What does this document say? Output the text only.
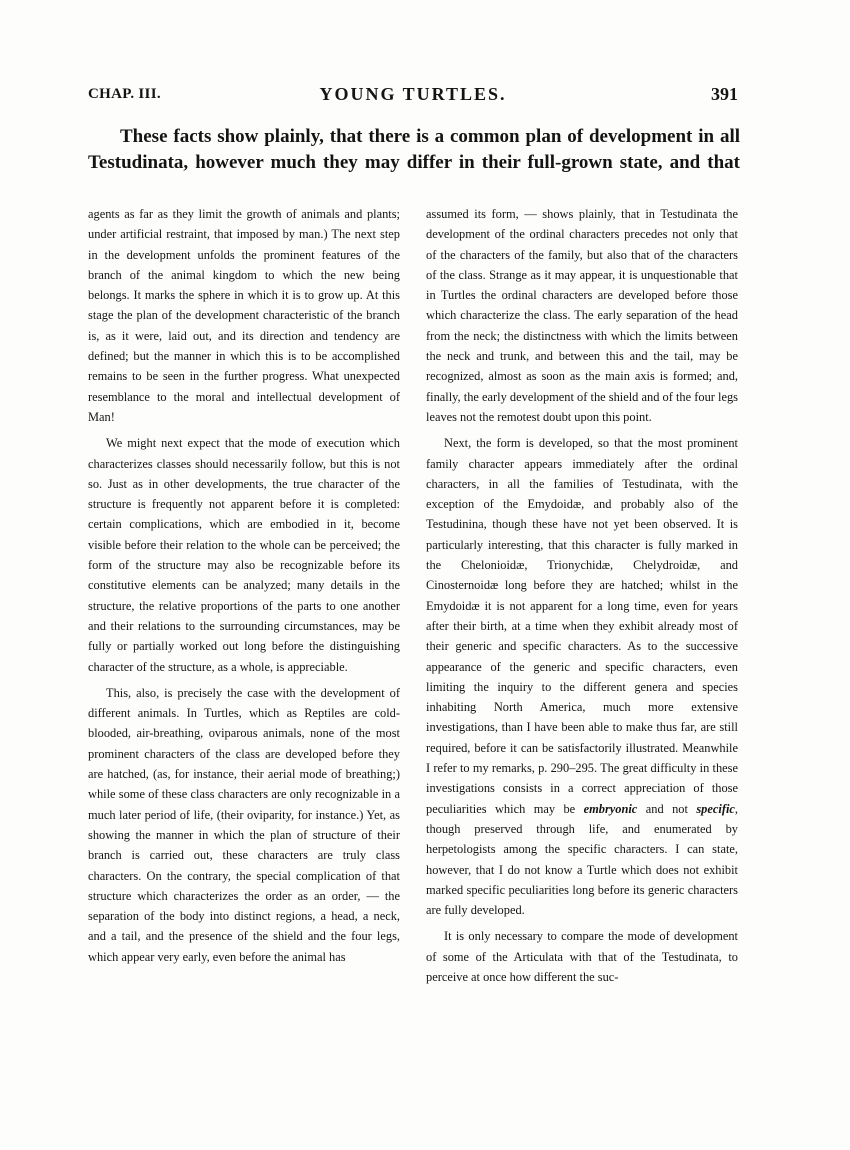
CHAP. III.	YOUNG TURTLES.	391

These facts show plainly, that there is a common plan of development in all Testudinata, however much they may differ in their full-grown state, and that

agents as far as they limit the growth of animals and plants; under artificial restraint, that imposed by man.) The next step in the development unfolds the prominent features of the branch of the animal kingdom to which the new being belongs. It marks the sphere in which it is to grow up. At this stage the plan of the development characteristic of the branch is, as it were, laid out, and its direction and tendency are defined; but the manner in which this is to be accomplished remains to be seen in the further progress. What unexpected resemblance to the moral and intellectual development of Man!

We might next expect that the mode of execution which characterizes classes should necessarily follow, but this is not so. Just as in other developments, the true character of the structure is frequently not apparent before it is completed: certain complications, which are embodied in it, become visible before their relation to the whole can be perceived; the form of the structure may also be recognizable before its constitutive elements can be analyzed; many details in the structure, the relative proportions of the parts to one another and their relations to the surrounding circumstances, may be fully or partially worked out long before the distinguishing character of the structure, as a whole, is appreciable.

This, also, is precisely the case with the development of different animals. In Turtles, which as Reptiles are cold-blooded, air-breathing, oviparous animals, none of the most prominent characters of the class are developed before they are hatched, (as, for instance, their aerial mode of breathing;) while some of these class characters are only recognizable in a much later period of life, (their oviparity, for instance.) Yet, as showing the manner in which the plan of structure of their branch is carried out, these characters are truly class characters. On the contrary, the special complication of that structure which characterizes the order as an order, — the separation of the body into distinct regions, a head, a neck, and a tail, and the presence of the shield and the four legs, which appear very early, even before the animal has

assumed its form, — shows plainly, that in Testudinata the development of the ordinal characters precedes not only that of the characters of the family, but also that of the characters of the class. Strange as it may appear, it is unquestionable that in Turtles the ordinal characters are developed before those which characterize the class. The early separation of the head from the neck; the distinctness with which the limits between the neck and trunk, and between this and the tail, may be recognized, almost as soon as the main axis is formed; and, finally, the early development of the shield and of the four legs leaves not the remotest doubt upon this point.

Next, the form is developed, so that the most prominent family character appears immediately after the ordinal characters, in all the families of Testudinata, with the exception of the Emydoidæ, and probably also of the Testudinina, though these have not yet been observed. It is particularly interesting, that this character is fully marked in the Chelonioidæ, Trionychidæ, Chelydroidæ, and Cinosternoidæ long before they are hatched; whilst in the Emydoidæ it is not apparent for a long time, even for years after their birth, at a time when they exhibit already most of their generic and specific characters. As to the successive appearance of the generic and specific characters, even limiting the inquiry to the different genera and species inhabiting North America, much more extensive investigations, than I have been able to make thus far, are still required, before it can be satisfactorily illustrated. Meanwhile I refer to my remarks, p. 290–295. The great difficulty in these investigations consists in a correct appreciation of those peculiarities which may be embryonic and not specific, though preserved through life, and enumerated by herpetologists among the specific characters. I can state, however, that I do not know a Turtle which does not exhibit marked specific peculiarities long before its generic characters are fully developed.

It is only necessary to compare the mode of development of some of the Articulata with that of the Testudinata, to perceive at once how different the suc-
